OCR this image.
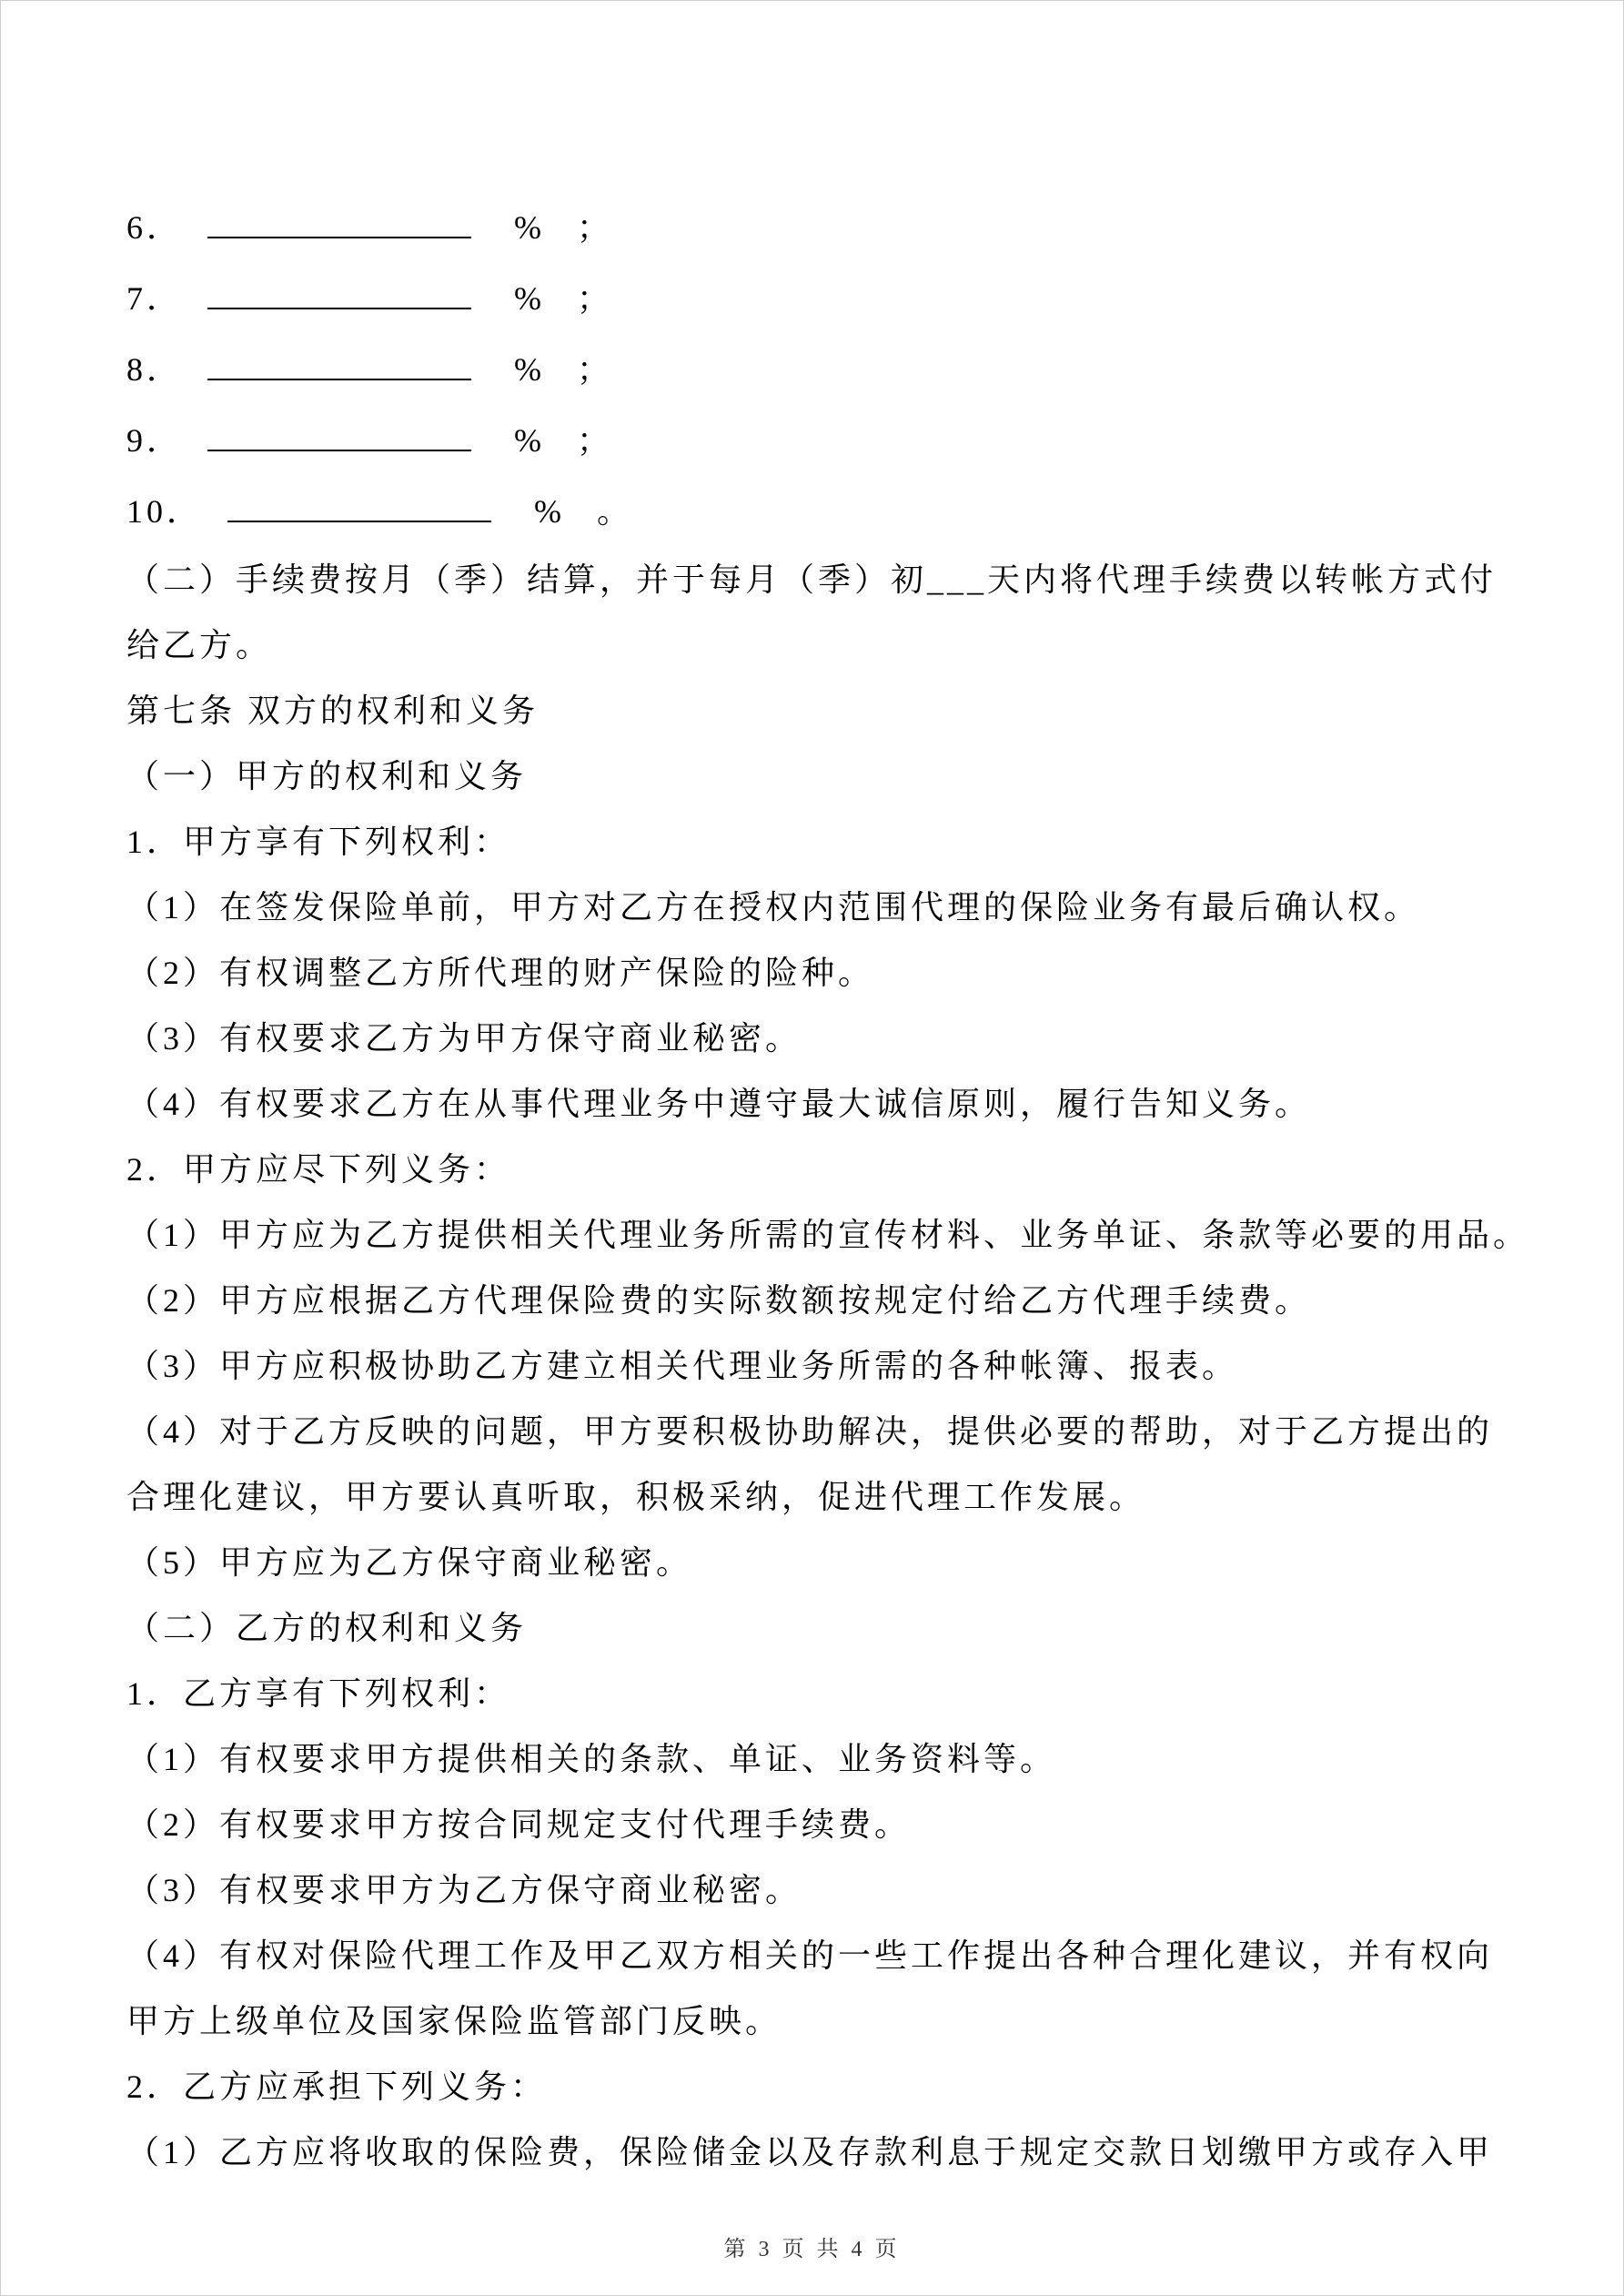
6．	% ；
7．	% ；
8．	% ；
9．	% ；
10．	% 。
（二）手续费按月（季）结算，并于每月（季）初___天内将代理手续费以转帐方式付
给乙方。
第七条 双方的权利和义务
（一）甲方的权利和义务
1．甲方享有下列权利：
（1）在签发保险单前，甲方对乙方在授权内范围代理的保险业务有最后确认权。
（2）有权调整乙方所代理的财产保险的险种。
（3）有权要求乙方为甲方保守商业秘密。
（4）有权要求乙方在从事代理业务中遵守最大诚信原则，履行告知义务。
2．甲方应尽下列义务：
（1）甲方应为乙方提供相关代理业务所需的宣传材料、业务单证、条款等必要的用品。
（2）甲方应根据乙方代理保险费的实际数额按规定付给乙方代理手续费。
（3）甲方应积极协助乙方建立相关代理业务所需的各种帐簿、报表。
（4）对于乙方反映的问题，甲方要积极协助解决，提供必要的帮助，对于乙方提出的
合理化建议，甲方要认真听取，积极采纳，促进代理工作发展。
（5）甲方应为乙方保守商业秘密。
（二）乙方的权利和义务
1．乙方享有下列权利：
（1）有权要求甲方提供相关的条款、单证、业务资料等。
（2）有权要求甲方按合同规定支付代理手续费。
（3）有权要求甲方为乙方保守商业秘密。
（4）有权对保险代理工作及甲乙双方相关的一些工作提出各种合理化建议，并有权向
甲方上级单位及国家保险监管部门反映。
2．乙方应承担下列义务：
（1）乙方应将收取的保险费，保险储金以及存款利息于规定交款日划缴甲方或存入甲
第 3 页 共 4 页
